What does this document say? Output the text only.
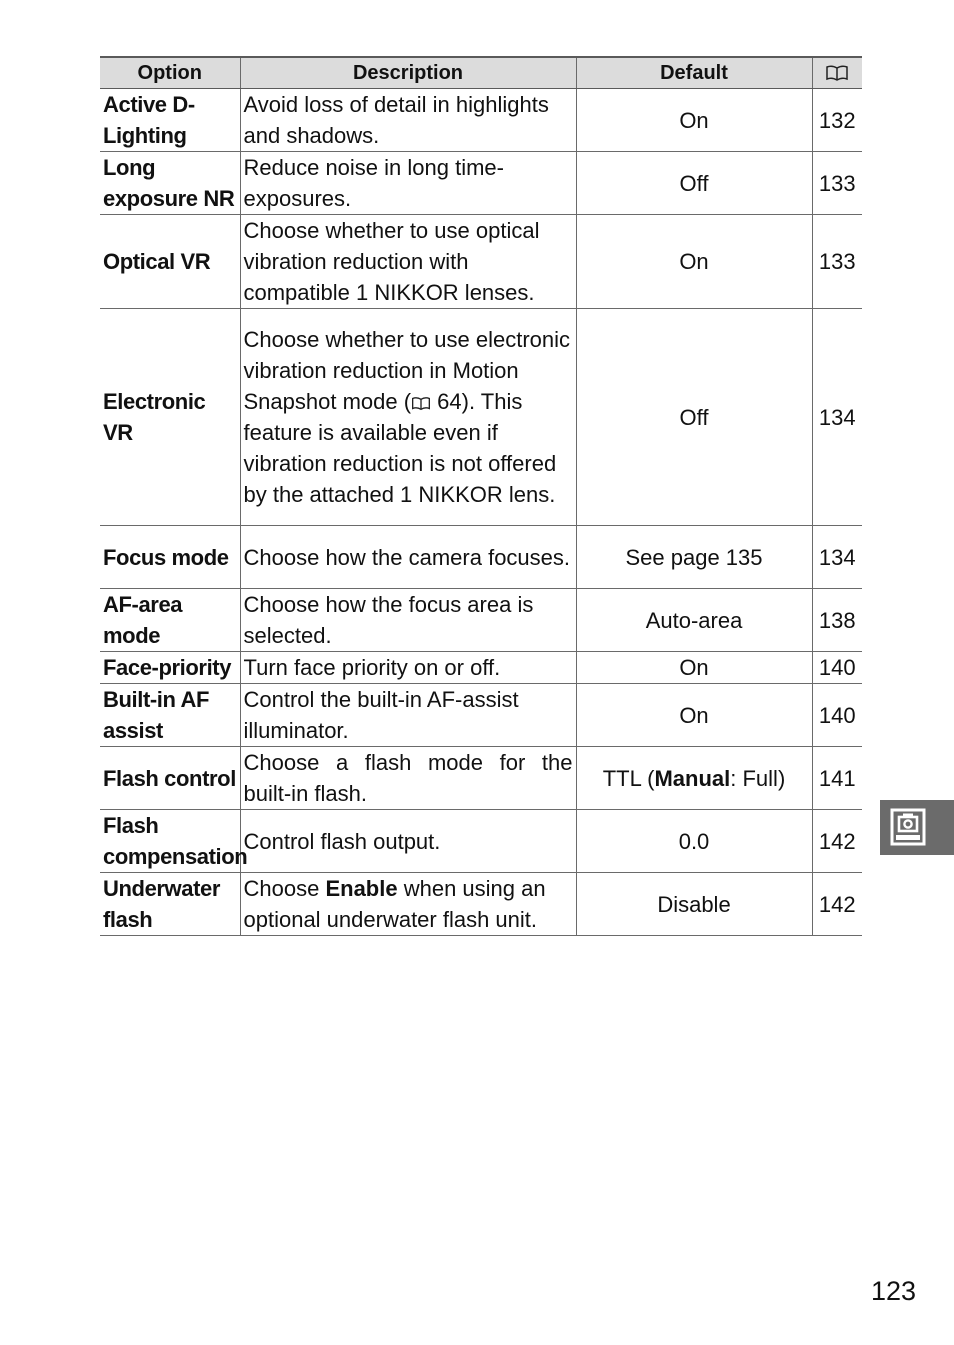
Option	Description	Default	
Active D-Lighting	Avoid loss of detail in highlights and shadows.	On	132
Long exposure NR	Reduce noise in long time-exposures.	Off	133
Optical VR	Choose whether to use optical vibration reduction with compatible 1 NIKKOR lenses.	On	133
Electronic VR	Choose whether to use electronic vibration reduction in Motion Snapshot mode ( 64). This feature is available even if vibration reduction is not offered by the attached 1 NIKKOR lens.	Off	134
Focus mode	Choose how the camera focuses.	See page 135	134
AF-area mode	Choose how the focus area is selected.	Auto-area	138
Face-priority	Turn face priority on or off.	On	140
Built-in AF assist	Control the built-in AF-assist illuminator.	On	140
Flash control	Choose a flash mode for the built-in flash.	TTL (Manual: Full)	141
Flash compensation	Control flash output.	0.0	142
Underwater flash	Choose Enable when using an optional underwater flash unit.	Disable	142
123
